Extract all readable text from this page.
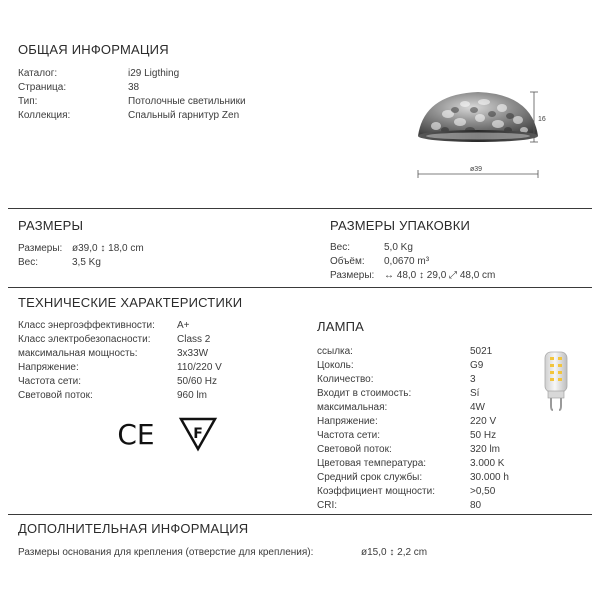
ОБЩАЯ ИНФОРМАЦИЯ
Каталог:	i29 Ligthing
Страница:	38
Тип:	Потолочные светильники
Коллекция:	Спальный гарнитур Zen	16
ø39
РАЗМЕРЫ
Размеры: ø39,0 ↕ 18,0 cm
Вес:	3,5 Kg
РАЗМЕРЫ УПАКОВКИ
Вес:	5,0 Kg
Объём: 0,0670 m³
Размеры: ↔ 48,0 ↕ 29,0 ⤢ 48,0 cm
ТЕХНИЧЕСКИЕ ХАРАКТЕРИСТИКИ
Класс энергоэффективности: A+
Класс электробезопасности:	Class 2
максимальная мощность:	3x33W
Напряжение:	110/220 V
Частота сети:	50/60 Hz
Световой поток:	960 lm
CE	F
ЛАМПА
ссылка:	5021
Цоколь:	G9
Количество:	3
Входит в стоимость:	Sí
максимальная:	4W
Напряжение:	220 V
Частота сети:	50 Hz
Световой поток:	320 lm
Цветовая температура:	3.000 K
Средний срок службы:	30.000 h
Коэффициент мощности:	>0,50
CRI:	80
ДОПОЛНИТЕЛЬНАЯ ИНФОРМАЦИЯ
Размеры основания для крепления (отверстие для крепления):	ø15,0 ↕ 2,2 cm
